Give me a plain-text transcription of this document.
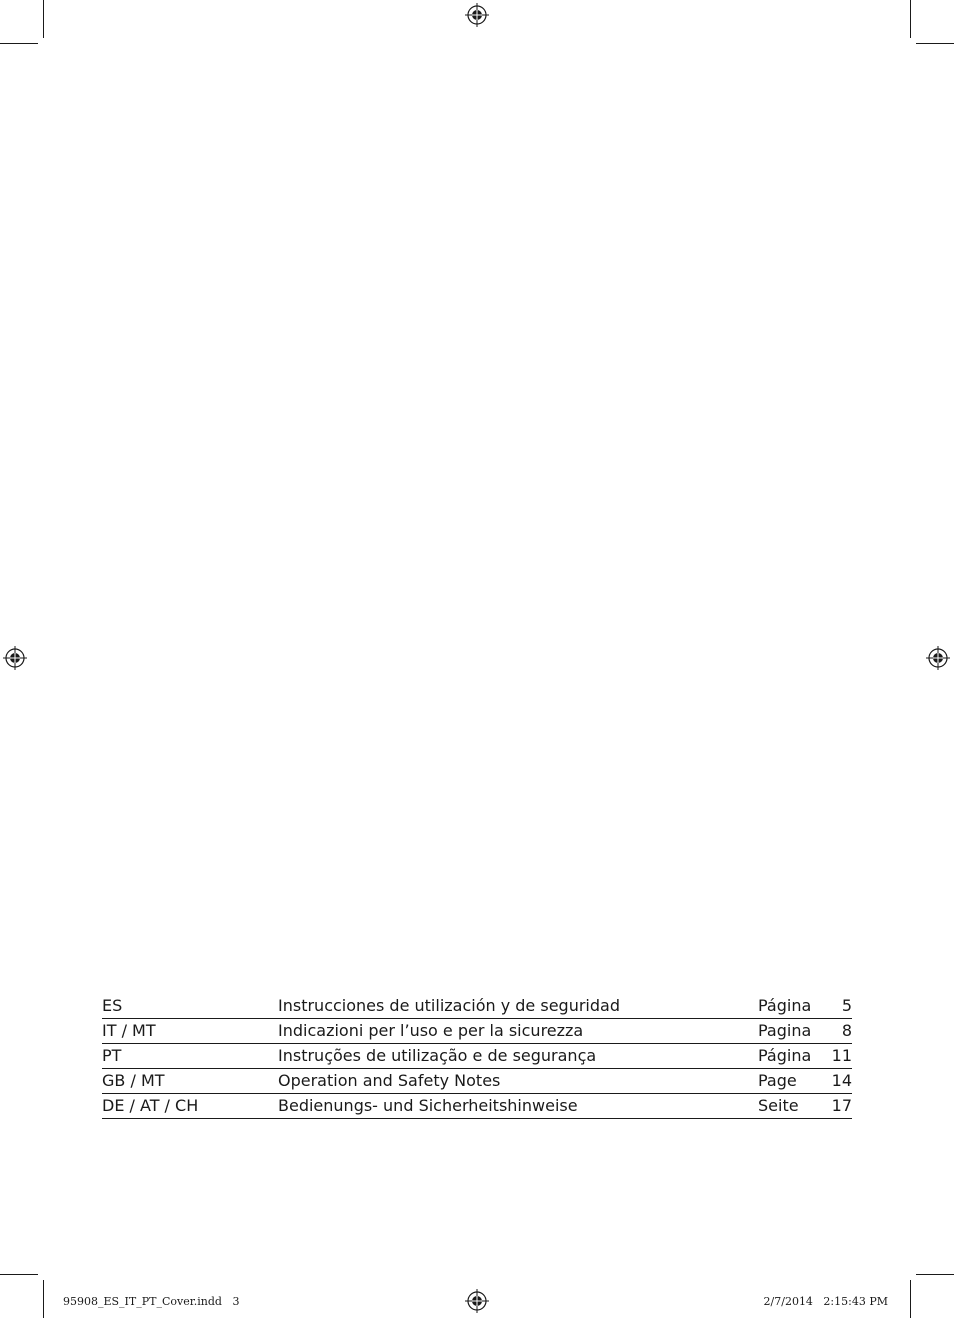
ES	Instrucciones de utilización y de seguridad	Página	5
IT / MT	Indicazioni per l’uso e per la sicurezza	Pagina	8
PT	Instruções de utilização e de segurança	Página	11
GB / MT	Operation and Safety Notes	Page	14
DE / AT / CH	Bedienungs- und Sicherheitshinweise	Seite	17
95908_ES_IT_PT_Cover.indd   3	2/7/2014   2:15:43 PM
